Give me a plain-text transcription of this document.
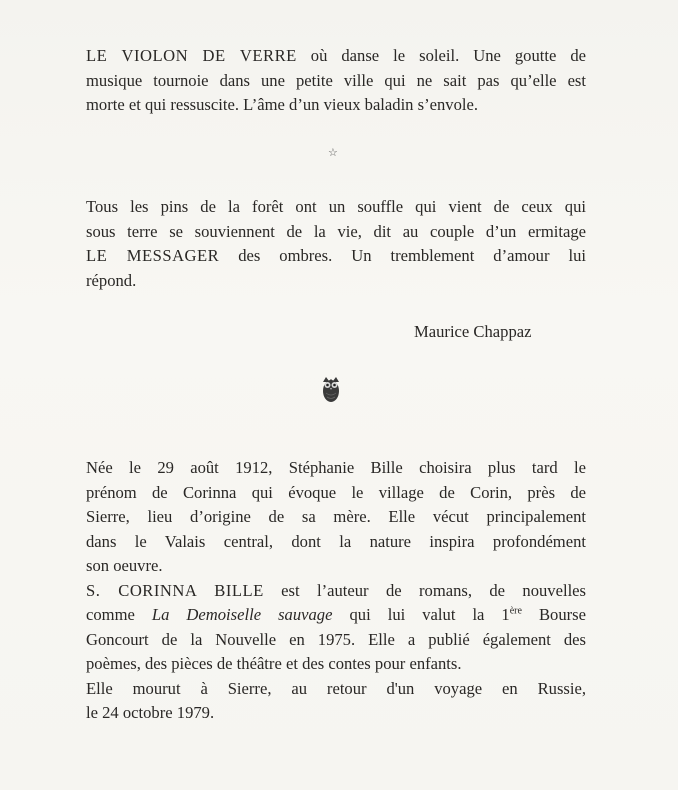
LE VIOLON DE VERRE où danse le soleil. Une goutte de
musique tournoie dans une petite ville qui ne sait pas qu’elle est
morte et qui ressuscite. L’âme d’un vieux baladin s’envole.

☆

Tous les pins de la forêt ont un souffle qui vient de ceux qui
sous terre se souviennent de la vie, dit au couple d’un ermitage
LE MESSAGER des ombres. Un tremblement d’amour lui
répond.

Maurice Chappaz

Née le 29 août 1912, Stéphanie Bille choisira plus tard le
prénom de Corinna qui évoque le village de Corin, près de
Sierre, lieu d’origine de sa mère. Elle vécut principalement
dans le Valais central, dont la nature inspira profondément
son oeuvre.
S. CORINNA BILLE est l’auteur de romans, de nouvelles
comme La Demoiselle sauvage qui lui valut la 1ère Bourse
Goncourt de la Nouvelle en 1975. Elle a publié également des
poèmes, des pièces de théâtre et des contes pour enfants.
Elle mourut à Sierre, au retour d'un voyage en Russie,
le 24 octobre 1979.
